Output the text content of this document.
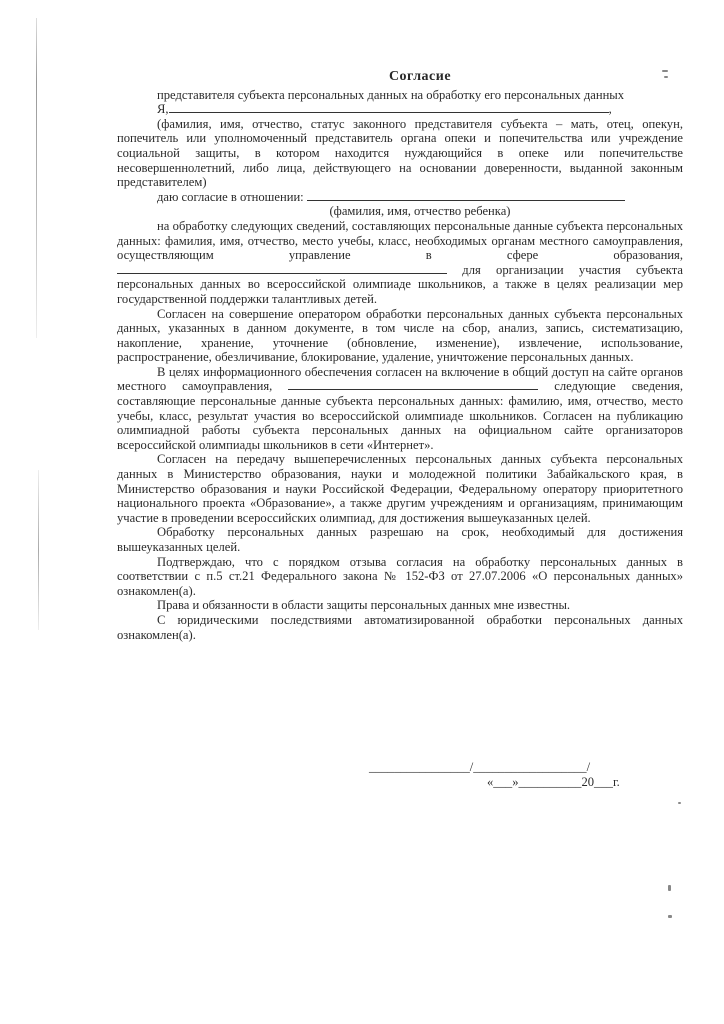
Согласие

представителя субъекта персональных данных на обработку его персональных данных

Я,	,

(фамилия, имя, отчество, статус законного представителя субъекта – мать, отец, опекун, попечитель или уполномоченный представитель органа опеки и попечительства или учреждение социальной защиты, в котором находится нуждающийся в опеке или попечительстве несовершеннолетний, либо лица, действующего на основании доверенности, выданной законным представителем)

даю согласие в отношении:

(фамилия, имя, отчество ребенка)

на обработку следующих сведений, составляющих персональные данные субъекта персональных данных: фамилия, имя, отчество, место учебы, класс, необходимых органам местного самоуправления, осуществляющим управление в сфере образования,  для организации участия субъекта персональных данных во всероссийской олимпиаде школьников, а также в целях реализации мер государственной поддержки талантливых детей.

Согласен на совершение оператором обработки персональных данных субъекта персональных данных, указанных в данном документе, в том числе на сбор, анализ, запись, систематизацию, накопление, хранение, уточнение (обновление, изменение), извлечение, использование, распространение, обезличивание, блокирование, удаление, уничтожение персональных данных.

В целях информационного обеспечения согласен на включение в общий доступ на сайте органов местного самоуправления,	следующие сведения, составляющие персональные данные субъекта персональных данных: фамилию, имя, отчество, место учебы, класс, результат участия во всероссийской олимпиаде школьников. Согласен на публикацию олимпиадной работы субъекта персональных данных на официальном сайте организаторов всероссийской олимпиады школьников в сети «Интернет».

Согласен на передачу вышеперечисленных персональных данных субъекта персональных данных в Министерство образования, науки и молодежной политики Забайкальского края, в Министерство образования и науки Российской Федерации, Федеральному оператору приоритетного национального проекта «Образование», а также другим учреждениям и организациям, принимающим участие в проведении всероссийских олимпиад, для достижения вышеуказанных целей.

Обработку персональных данных разрешаю на срок, необходимый для достижения вышеуказанных целей.

Подтверждаю, что с порядком отзыва согласия на обработку персональных данных в соответствии с п.5 ст.21 Федерального закона № 152-ФЗ от 27.07.2006 «О персональных данных» ознакомлен(а).

Права и обязанности в области защиты персональных данных мне известны.

С юридическими последствиями автоматизированной обработки персональных данных ознакомлен(а).

________________/__________________/
«___»__________20___г.
